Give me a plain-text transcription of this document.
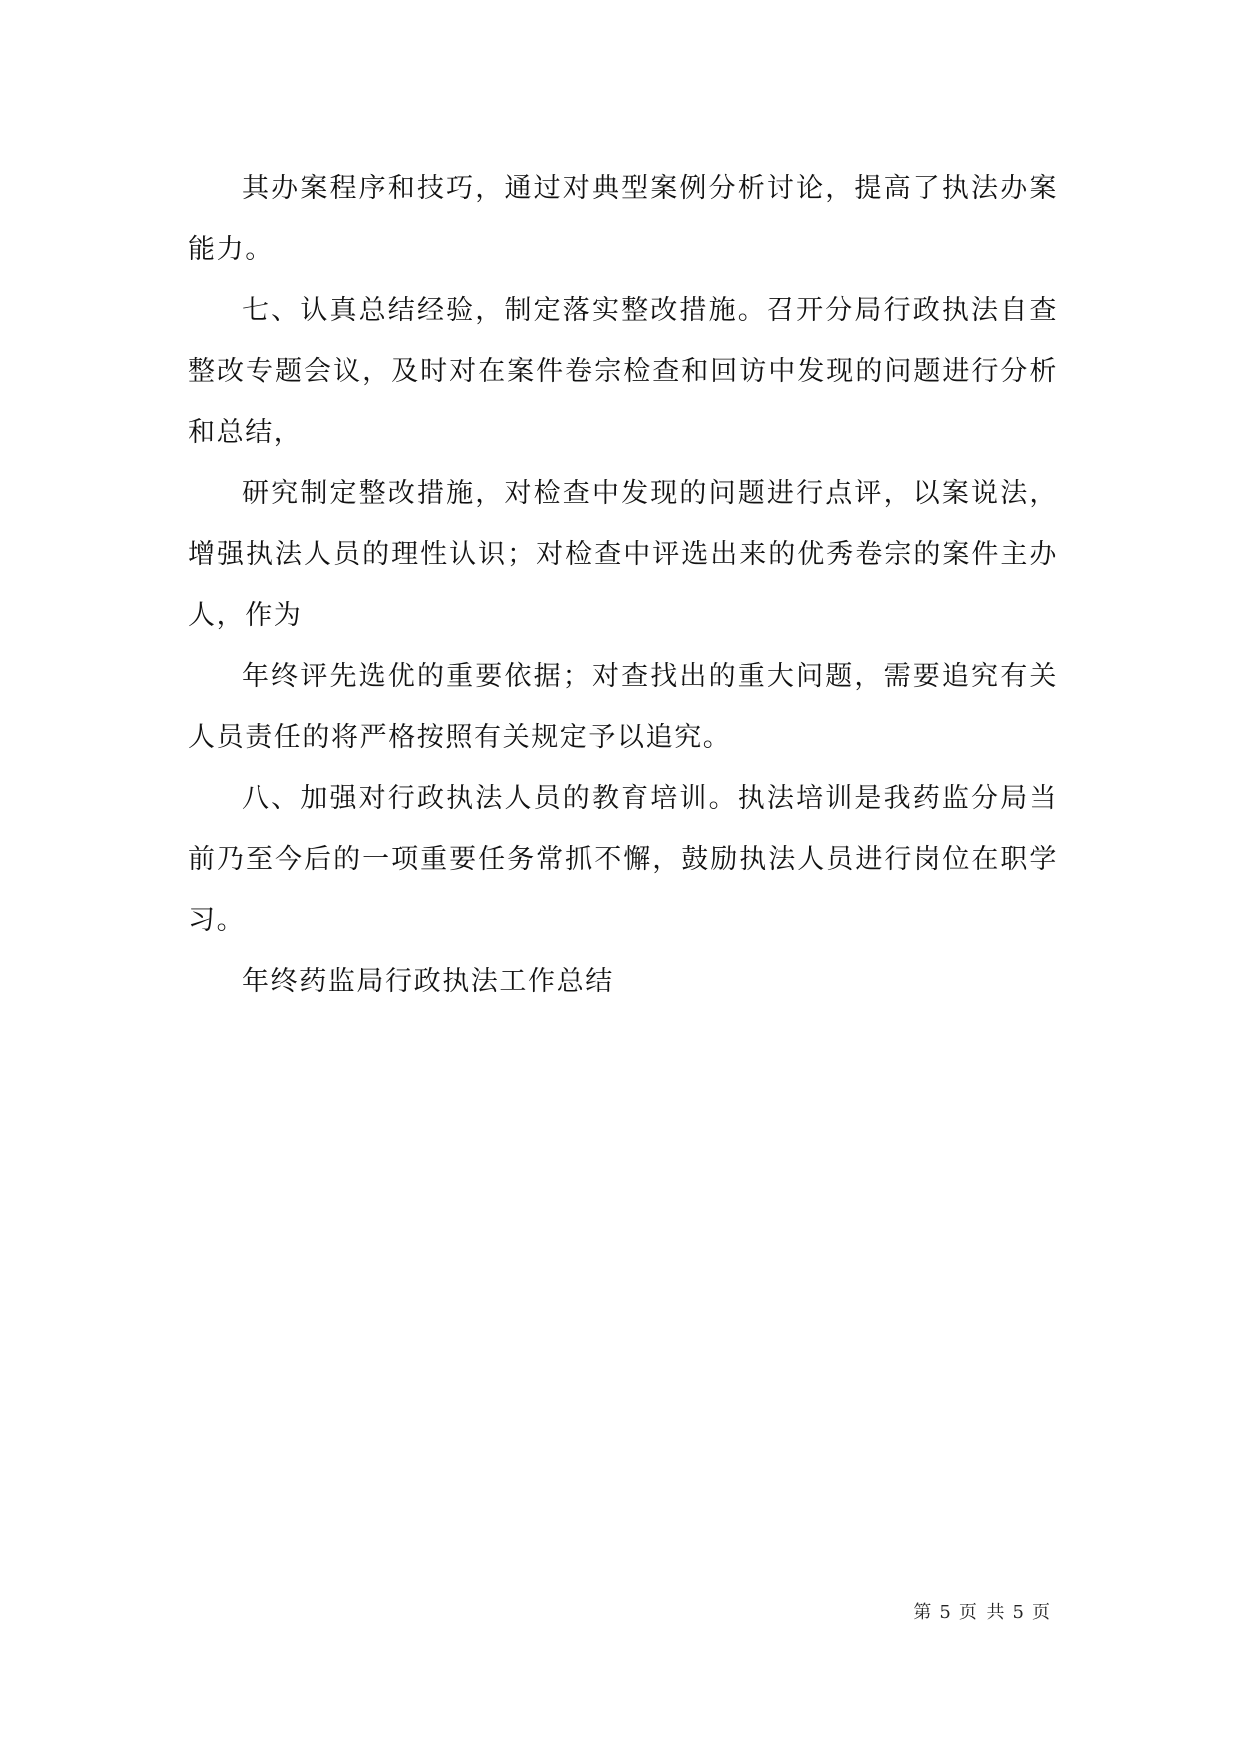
其办案程序和技巧，通过对典型案例分析讨论，提高了执法办案能力。

七、认真总结经验，制定落实整改措施。召开分局行政执法自查整改专题会议，及时对在案件卷宗检查和回访中发现的问题进行分析和总结，

研究制定整改措施，对检查中发现的问题进行点评，以案说法，增强执法人员的理性认识；对检查中评选出来的优秀卷宗的案件主办人，作为

年终评先选优的重要依据；对查找出的重大问题，需要追究有关人员责任的将严格按照有关规定予以追究。

八、加强对行政执法人员的教育培训。执法培训是我药监分局当前乃至今后的一项重要任务常抓不懈，鼓励执法人员进行岗位在职学习。

年终药监局行政执法工作总结

第 5 页 共 5 页
